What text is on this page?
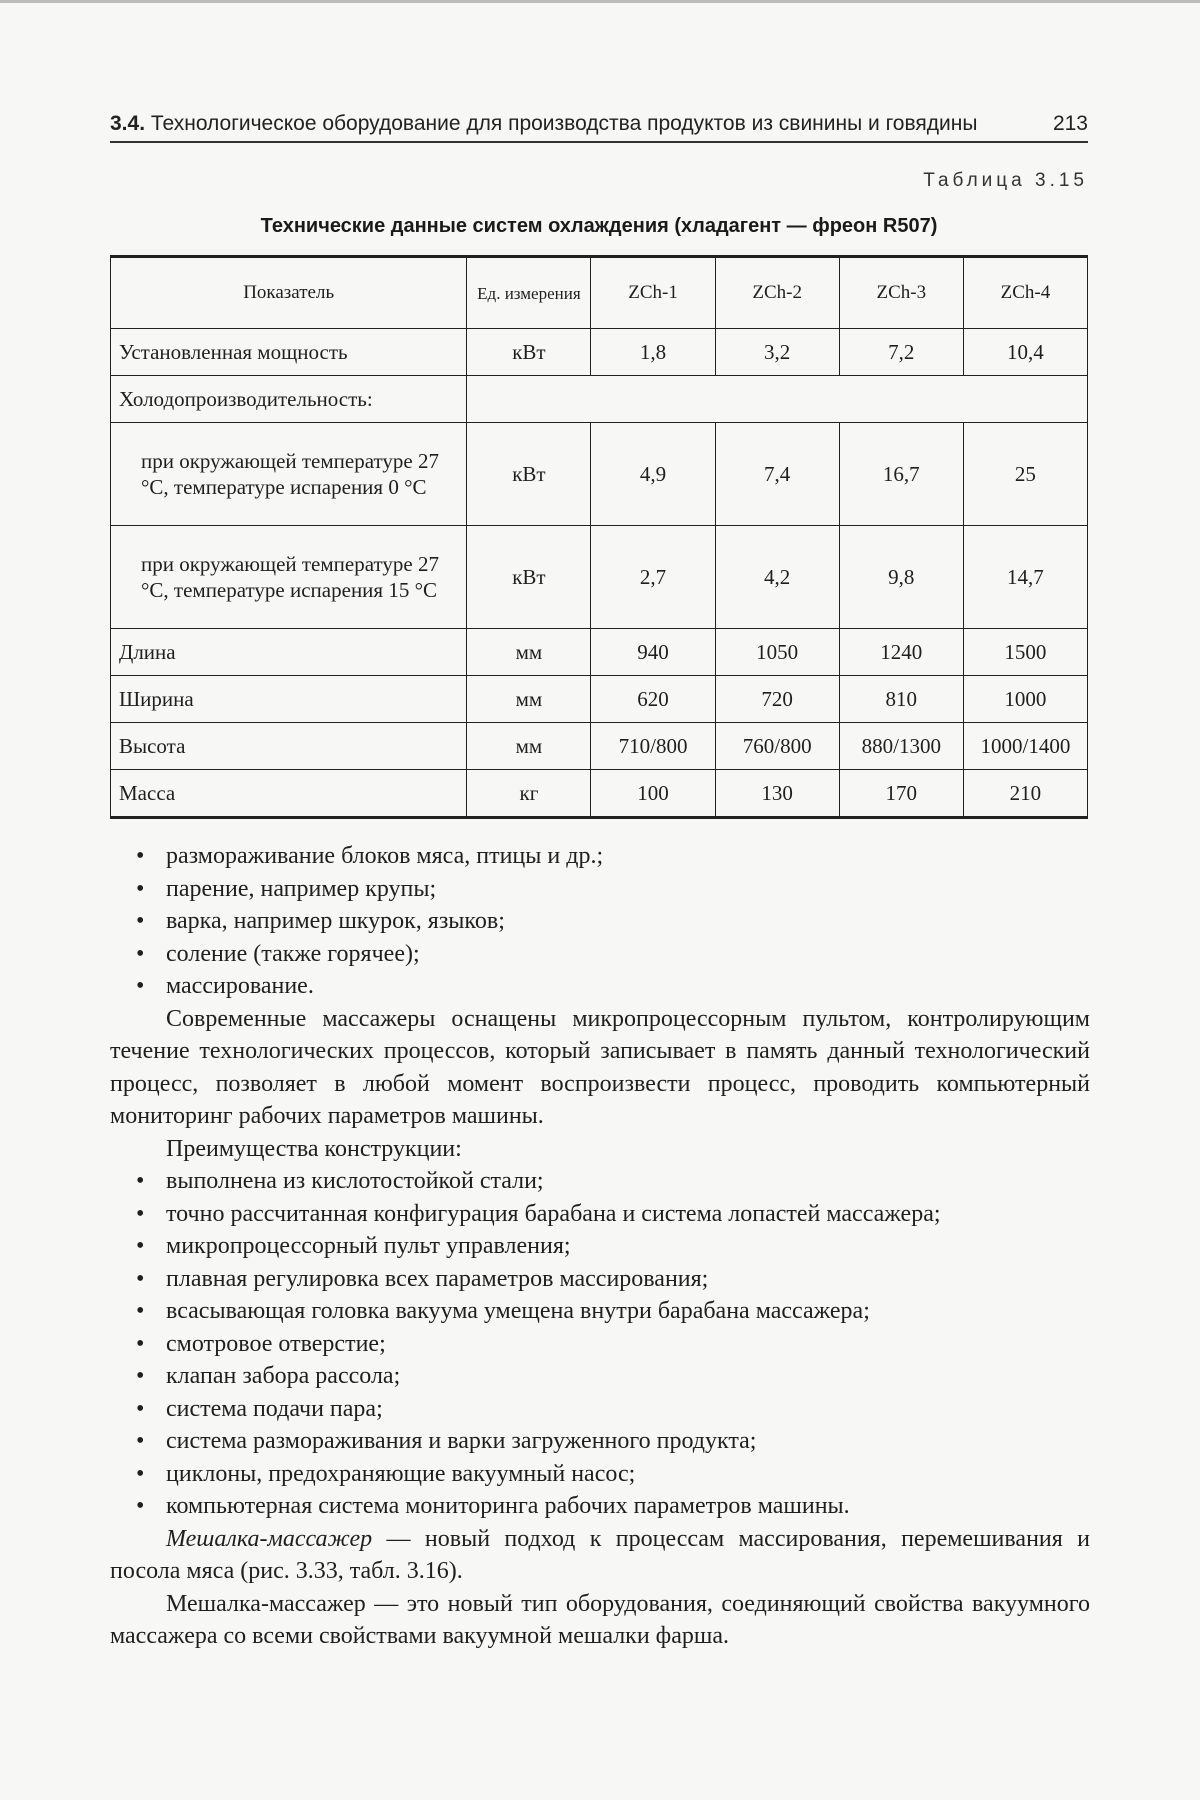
3.4. Технологическое оборудование для производства продуктов из свинины и говядины	213
Таблица 3.15
Технические данные систем охлаждения (хладагент — фреон R507)
Показатель	Ед. измерения	ZCh-1	ZCh-2	ZCh-3	ZCh-4
Установленная мощность	кВт	1,8	3,2	7,2	10,4
Холодопроизводительность:					
при окружающей температуре 27 °C, температуре испарения 0 °C	кВт	4,9	7,4	16,7	25
при окружающей температуре 27 °C, температуре испарения 15 °C	кВт	2,7	4,2	9,8	14,7
Длина	мм	940	1050	1240	1500
Ширина	мм	620	720	810	1000
Высота	мм	710/800	760/800	880/1300	1000/1400
Масса	кг	100	130	170	210
• размораживание блоков мяса, птицы и др.;
• парение, например крупы;
• варка, например шкурок, языков;
• соление (также горячее);
• массирование.

Современные массажеры оснащены микропроцессорным пультом, контролирующим течение технологических процессов, который записывает в память данный технологический процесс, позволяет в любой момент воспроизвести процесс, проводить компьютерный мониторинг рабочих параметров машины.

Преимущества конструкции:

• выполнена из кислотостойкой стали;
• точно рассчитанная конфигурация барабана и система лопастей массажера;
• микропроцессорный пульт управления;
• плавная регулировка всех параметров массирования;
• всасывающая головка вакуума умещена внутри барабана массажера;
• смотровое отверстие;
• клапан забора рассола;
• система подачи пара;
• система размораживания и варки загруженного продукта;
• циклоны, предохраняющие вакуумный насос;
• компьютерная система мониторинга рабочих параметров машины.

Мешалка-массажер — новый подход к процессам массирования, перемешивания и посола мяса (рис. 3.33, табл. 3.16).

Мешалка-массажер — это новый тип оборудования, соединяющий свойства вакуумного массажера со всеми свойствами вакуумной мешалки фарша.
